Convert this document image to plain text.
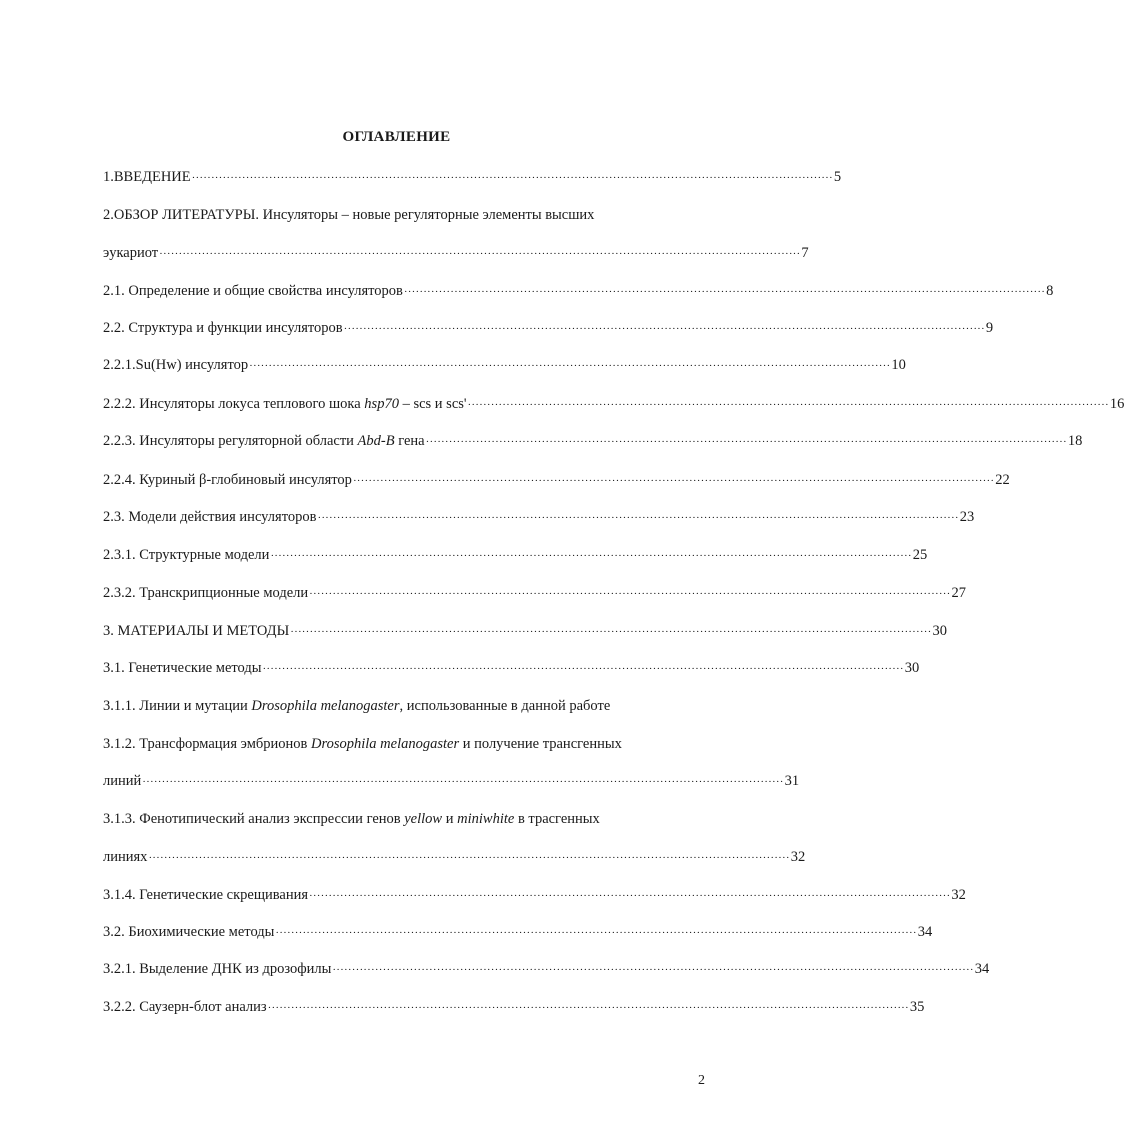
ОГЛАВЛЕНИЕ
1.ВВЕДЕНИЕ ······································································································································································ 5
2.ОБЗОР ЛИТЕРАТУРЫ. Инсуляторы – новые регуляторные элементы высших
эукариот ······································································································································································ 7
2.1. Определение и общие свойства инсуляторов ······································································································································································ 8
2.2. Структура и функции инсуляторов ······································································································································································ 9
2.2.1.Su(Hw) инсулятор ······································································································································································ 10
2.2.2. Инсуляторы локуса теплового шока hsp70 – scs и scs' ······································································································································································ 16
2.2.3. Инсуляторы регуляторной области Abd-B гена ······································································································································································ 18
2.2.4. Куриный β-глобиновый инсулятор ······································································································································································ 22
2.3. Модели действия инсуляторов ······································································································································································ 23
2.3.1. Структурные модели ······································································································································································ 25
2.3.2. Транскрипционные модели ······································································································································································ 27
3. МАТЕРИАЛЫ И МЕТОДЫ ······································································································································································ 30
3.1. Генетические методы ······································································································································································ 30
3.1.1. Линии и мутации Drosophila melanogaster, использованные в данной работе
3.1.2. Трансформация эмбрионов Drosophila melanogaster и получение трансгенных
линий ······································································································································································ 31
3.1.3. Фенотипический анализ экспрессии генов yellow и miniwhite в трасгенных
линиях ······································································································································································ 32
3.1.4. Генетические скрещивания ······································································································································································ 32
3.2. Биохимические методы ······································································································································································ 34
3.2.1. Выделение ДНК из дрозофилы ······································································································································································ 34
3.2.2. Саузерн-блот анализ ······································································································································································ 35
2
